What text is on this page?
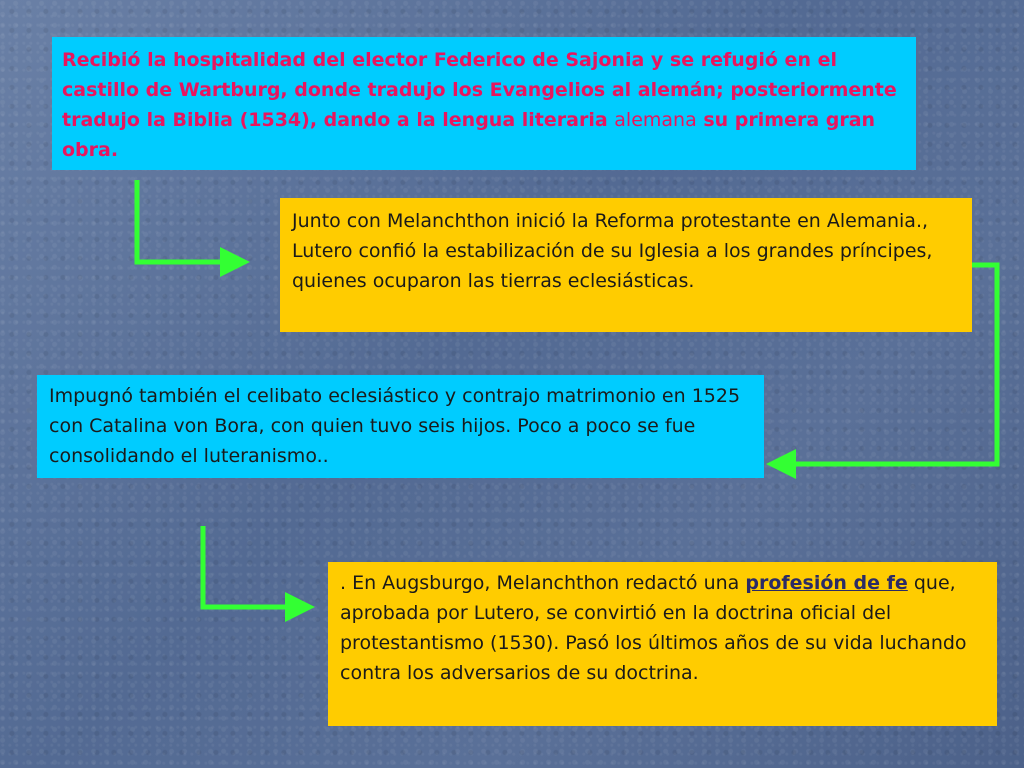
Recibió la hospitalidad del elector Federico de Sajonia y se refugió en el castillo de Wartburg, donde tradujo los Evangelios al alemán; posteriormente tradujo la Biblia (1534), dando a la lengua literaria alemana su primera gran obra.
Junto con Melanchthon inició la Reforma protestante en Alemania., Lutero confió la estabilización de su Iglesia a los grandes príncipes, quienes ocuparon las tierras eclesiásticas.
Impugnó también el celibato eclesiástico y contrajo matrimonio en 1525 con Catalina von Bora, con quien tuvo seis hijos. Poco a poco se fue consolidando el luteranismo..
. En Augsburgo, Melanchthon redactó una profesión de fe que, aprobada por Lutero, se convirtió en la doctrina oficial del protestantismo (1530). Pasó los últimos años de su vida luchando contra los adversarios de su doctrina.
